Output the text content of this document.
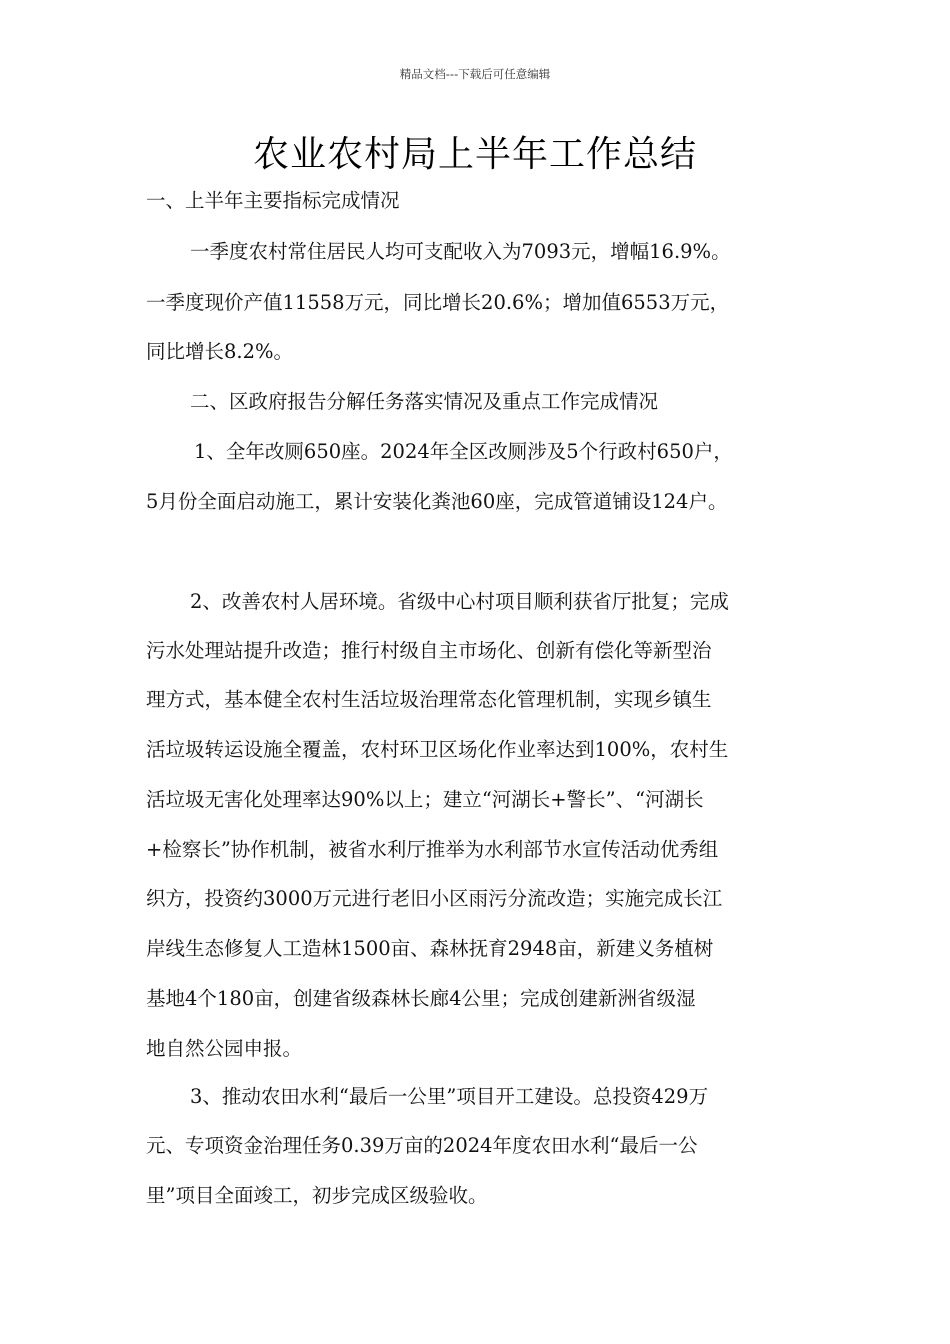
精品文档---下载后可任意编辑
农业农村局上半年工作总结
一、上半年主要指标完成情况
一季度农村常住居民人均可支配收入为7093元，增幅16.9%。
一季度现价产值11558万元，同比增长20.6%；增加值6553万元，
同比增长8.2%。
二、区政府报告分解任务落实情况及重点工作完成情况
1、全年改厕650座。2024年全区改厕涉及5个行政村650户，
5月份全面启动施工，累计安装化粪池60座，完成管道铺设124户。
2、改善农村人居环境。省级中心村项目顺利获省厅批复；完成
污水处理站提升改造；推行村级自主市场化、创新有偿化等新型治
理方式，基本健全农村生活垃圾治理常态化管理机制，实现乡镇生
活垃圾转运设施全覆盖，农村环卫区场化作业率达到100%，农村生
活垃圾无害化处理率达90%以上；建立“河湖长+警长”、“河湖长
+检察长”协作机制，被省水利厅推举为水利部节水宣传活动优秀组
织方，投资约3000万元进行老旧小区雨污分流改造；实施完成长江
岸线生态修复人工造林1500亩、森林抚育2948亩，新建义务植树
基地4个180亩，创建省级森林长廊4公里；完成创建新洲省级湿
地自然公园申报。
3、推动农田水利“最后一公里”项目开工建设。总投资429万
元、专项资金治理任务0.39万亩的2024年度农田水利“最后一公
里”项目全面竣工，初步完成区级验收。
